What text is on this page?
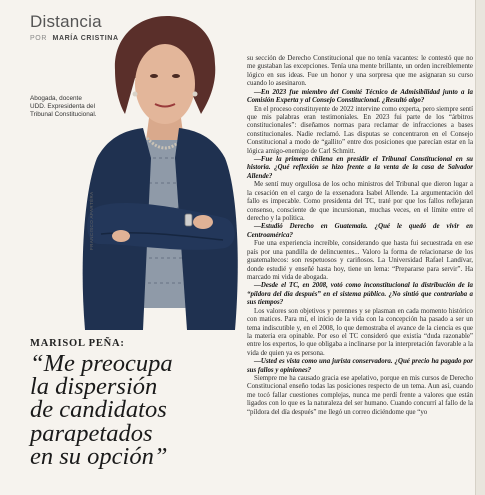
Distancia
POR MARÍA CRISTINA
FRANCISCO APARTÉRA
Abogada, docente UDD. Expresidenta del Tribunal Constitucional.
MARISOL PEÑA:

“Me preocupa

la dispersión

de candidatos

parapetados

en su opción”

su sección de Derecho Constitucional que no tenía vacantes: le contestó que no me gustaban las excepciones. Tenía una mente brillante, un orden increíblemente lógico en sus ideas. Fue un honor y una sorpresa que me asignaran su curso cuando lo asesinaron.

—En 2023 fue miembro del Comité Técnico de Admisibilidad junto a la Comisión Experta y al Consejo Constitucional. ¿Resultó algo?

En el proceso constituyente de 2022 intervine como experta, pero siempre sentí que mis palabras eran testimoniales. En 2023 fui parte de los “árbitros constitucionales”: diseñamos normas para reclamar de infracciones a bases constitucionales. Nadie reclamó. Las disputas se concentraron en el Consejo Constitucional a modo de “gallito” entre dos posiciones que parecían estar en la lógica amigo-enemigo de Carl Schmitt.

—Fue la primera chilena en presidir el Tribunal Constitucional en su historia. ¿Qué reflexión se hizo frente a la venta de la casa de Salvador Allende?

Me sentí muy orgullosa de los ocho ministros del Tribunal que dieron lugar a la cesación en el cargo de la exsenadora Isabel Allende. La argumentación del fallo es impecable. Como presidenta del TC, traté por que los fallos reflejaran consenso, consciente de que incursionan, muchas veces, en el límite entre el derecho y la política.

—Estudió Derecho en Guatemala. ¿Qué le quedó de vivir en Centroamérica?

Fue una experiencia increíble, considerando que hasta fui secuestrada en ese país por una pandilla de delincuentes... Valoro la forma de relacionarse de los guatemaltecos: son respetuosos y cariñosos. La Universidad Rafael Landívar, donde estudié y enseñé hasta hoy, tiene un lema: “Prepararse para servir”. Ha marcado mi vida de abogada.

—Desde el TC, en 2008, votó como inconstitucional la distribución de la “píldora del día después” en el sistema público. ¿No sintió que contrariaba a sus tiempos?

Los valores son objetivos y perennes y se plasman en cada momento histórico con matices. Para mí, el inicio de la vida con la concepción ha pasado a ser un tema indiscutible y, en el 2008, lo que demostraba el avance de la ciencia es que la materia era opinable. Por eso el TC consideró que existía “duda razonable” entre los expertos, lo que obligaba a inclinarse por la interpretación favorable a la vida de quien ya es persona.

—Usted es vista como una jurista conservadora. ¿Qué precio ha pagado por sus fallos y opiniones?

Siempre me ha causado gracia ese apelativo, porque en mis cursos de Derecho Constitucional enseño todas las posiciones respecto de un tema. Aun así, cuando me tocó fallar cuestiones complejas, nunca me perdí frente a valores que están ligados con lo que es la naturaleza del ser humano. Cuando concurrí al fallo de la “píldora del día después” me llegó un correo diciéndome que “yo
